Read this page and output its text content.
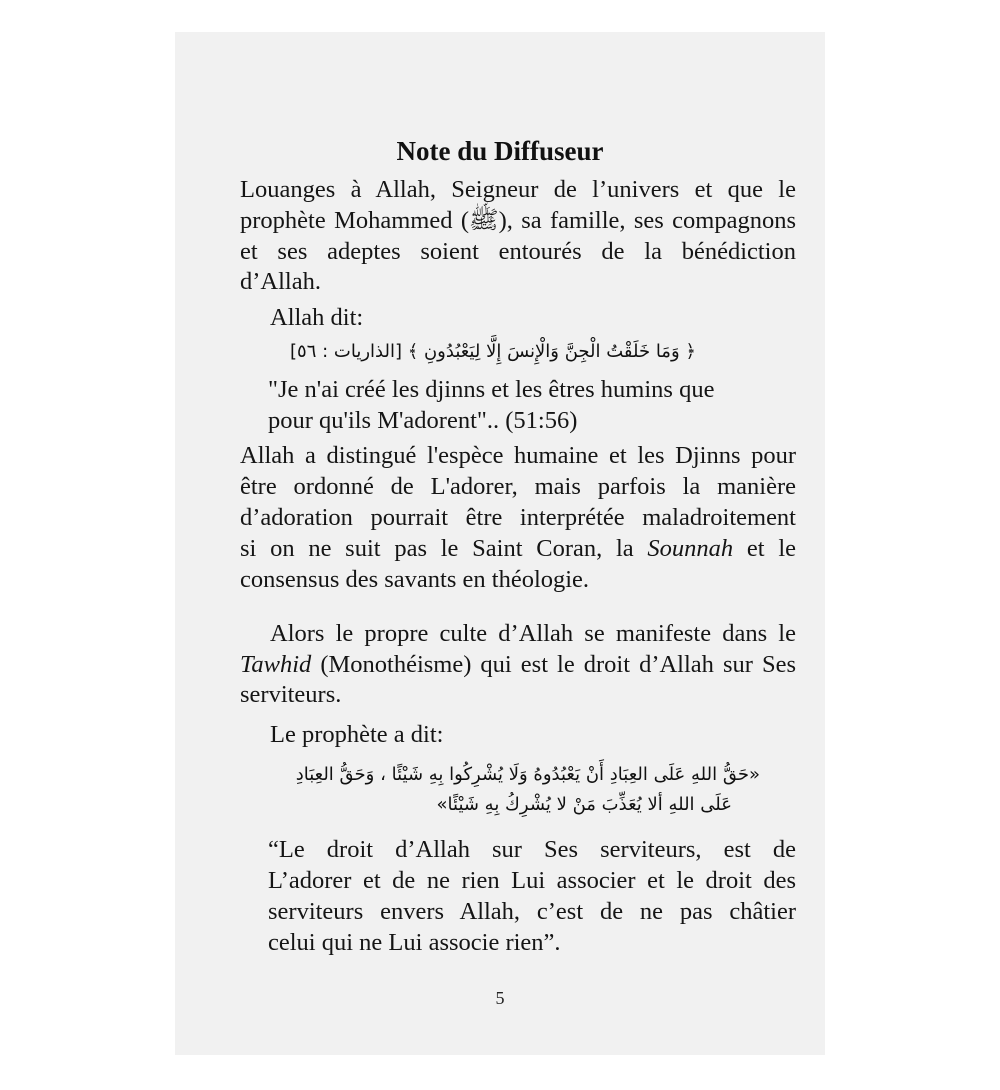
Note du Diffuseur
Louanges à Allah, Seigneur de l’univers et que le
prophète Mohammed (ﷺ), sa famille, ses compagnons
et ses adeptes soient entourés de la bénédiction
d’Allah.
Allah dit:
﴿ وَمَا خَلَقْتُ الْجِنَّ وَالْإِنسَ إِلَّا لِيَعْبُدُونِ ﴾ [الذاريات : ٥٦]
"Je n'ai créé les djinns et les êtres humins que
pour qu'ils M'adorent".. (51:56)
Allah a distingué l'espèce humaine et les Djinns pour
être ordonné de L'adorer, mais parfois la manière
d’adoration pourrait être interprétée maladroitement
si on ne suit pas le Saint Coran, la Sounnah et le
consensus des savants en théologie.
Alors le propre culte d’Allah se manifeste dans le
Tawhid (Monothéisme) qui est le droit d’Allah sur Ses
serviteurs.
Le prophète a dit:
«حَقُّ اللهِ عَلَى العِبَادِ أَنْ يَعْبُدُوهُ وَلَا يُشْرِكُوا بِهِ شَيْئًا ، وَحَقُّ العِبَادِ
عَلَى اللهِ ألا يُعَذِّبَ مَنْ لا يُشْرِكُ بِهِ شَيْئًا»
“Le droit d’Allah sur Ses serviteurs, est de
L’adorer et de ne rien Lui associer et le droit des
serviteurs envers Allah, c’est de ne pas châtier
celui qui ne Lui associe rien”.
5
